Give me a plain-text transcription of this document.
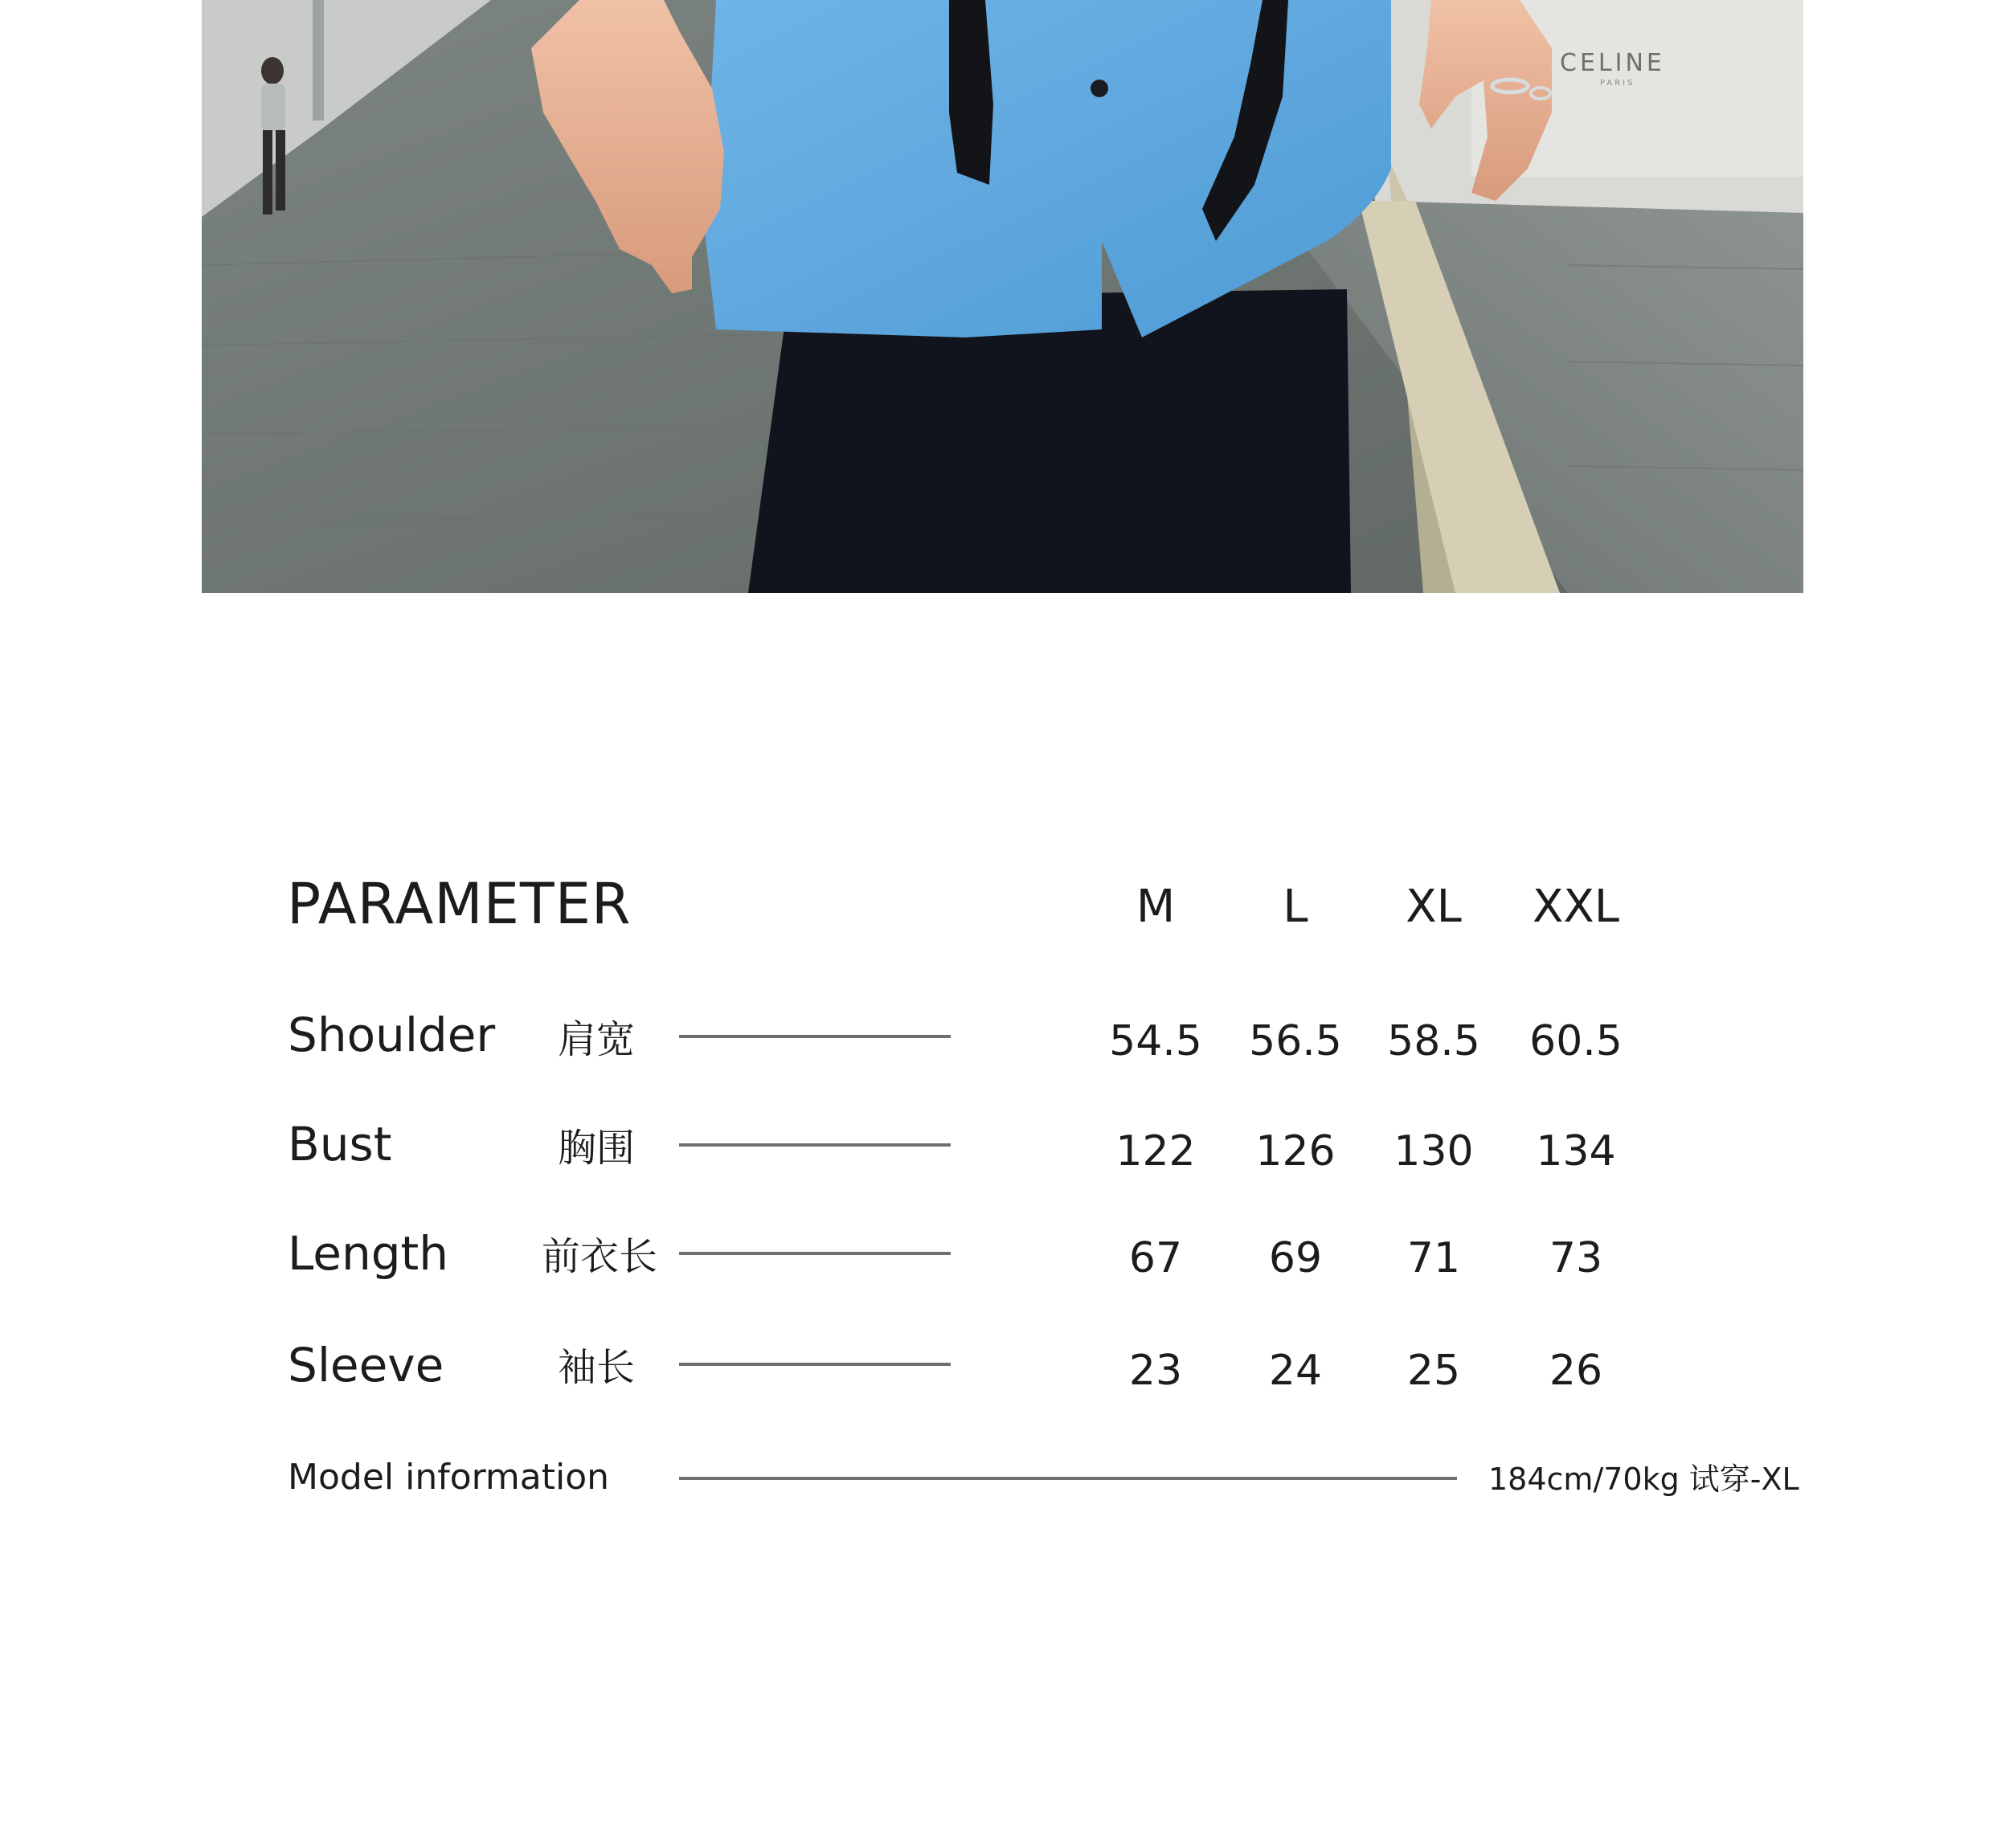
CELINE
PARIS
PARAMETER	M	L	XL	XXL
Shoulder 肩宽	54.5	56.5	58.5	60.5
Bust	胸围	122	126	130	134
Length 前衣长	67	69	71	73
Sleeve	袖长	23	24	25	26
Model information	184cm/70kg 试穿-XL
